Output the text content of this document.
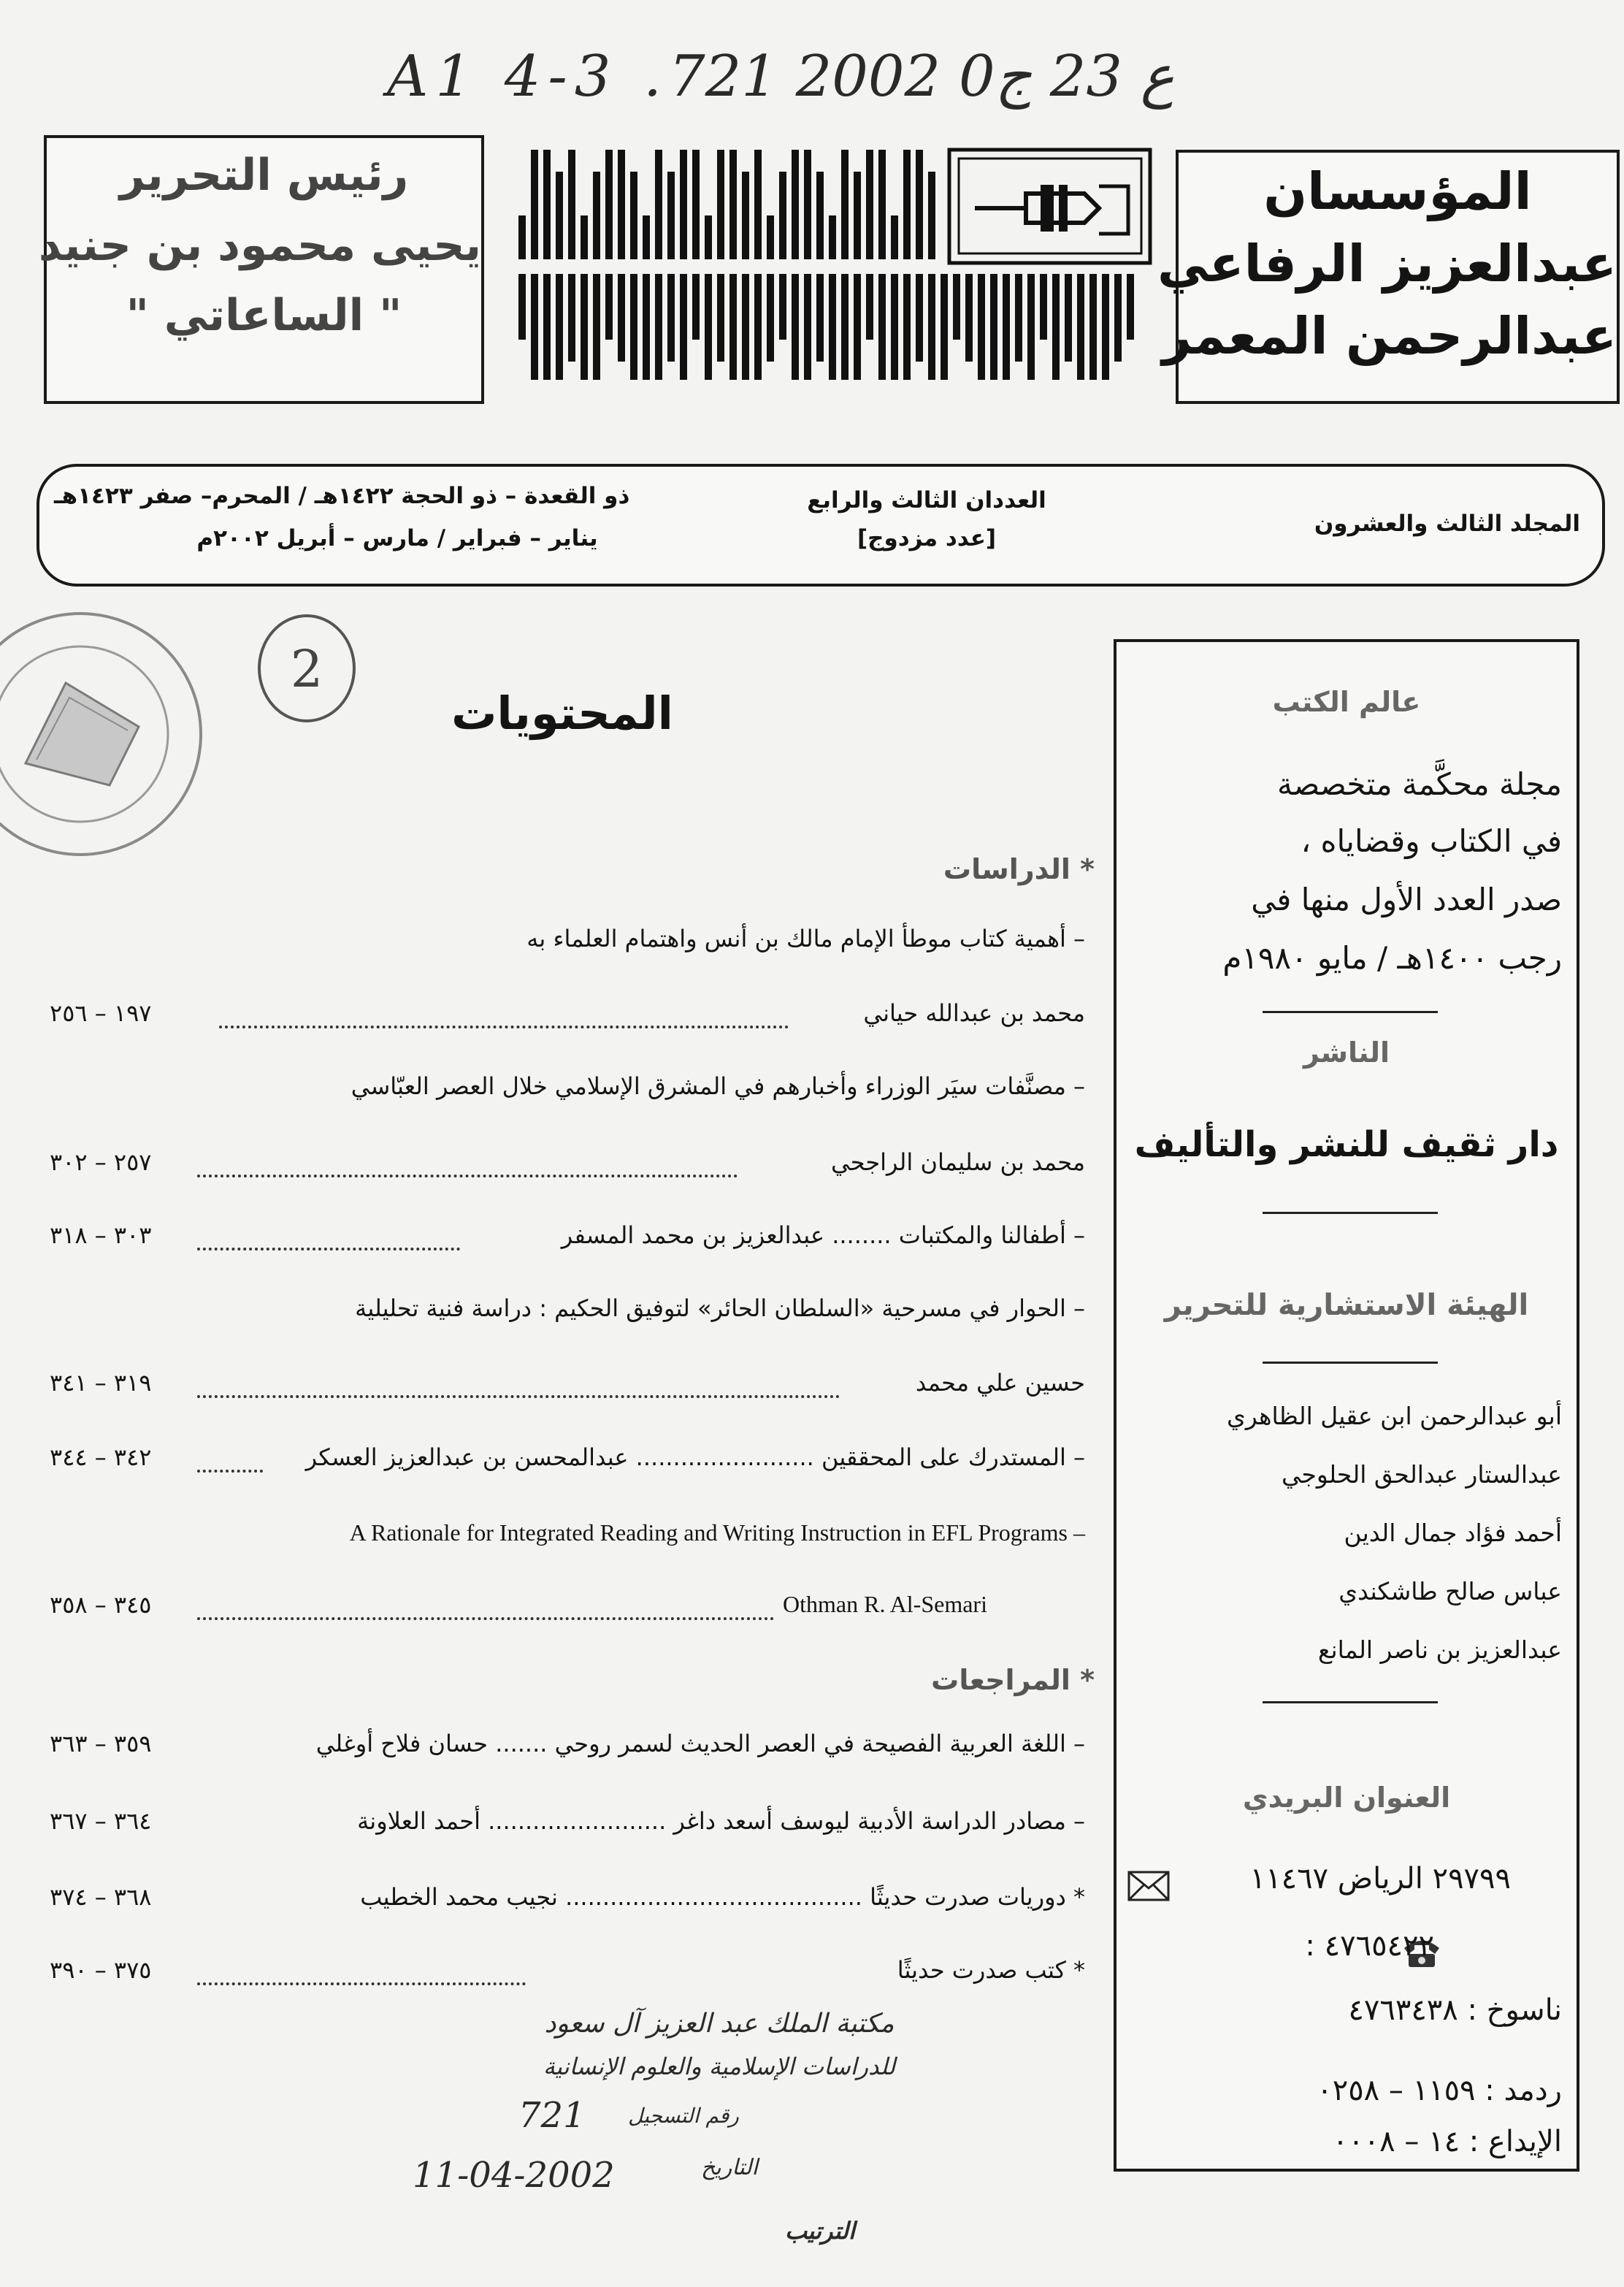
A1 4-3 .ع 23 ج0 2002 721
رئيس التحرير
يحيى محمود بن جنيد
" الساعاتي "
المؤسسان
عبدالعزيز الرفاعي
عبدالرحمن المعمر
المجلد الثالث والعشرون
العددان الثالث والرابع
[عدد مزدوج]
ذو القعدة – ذو الحجة ١٤٢٢هـ / المحرم– صفر ١٤٢٣هـ
يناير – فبراير / مارس – أبريل ٢٠٠٢م
2
المحتويات
* الدراسات
– أهمية كتاب موطأ الإمام مالك بن أنس واهتمام العلماء به
محمد بن عبدالله حياني
١٩٧ – ٢٥٦
– مصنَّفات سيَر الوزراء وأخبارهم في المشرق الإسلامي خلال العصر العبّاسي
محمد بن سليمان الراجحي
٢٥٧ – ٣٠٢
– أطفالنا والمكتبات ........ عبدالعزيز بن محمد المسفر
٣٠٣ – ٣١٨
– الحوار في مسرحية «السلطان الحائر» لتوفيق الحكيم : دراسة فنية تحليلية
حسين علي محمد
٣١٩ – ٣٤١
– المستدرك على المحققين ........................ عبدالمحسن بن عبدالعزيز العسكر
٣٤٢ – ٣٤٤
A Rationale for Integrated Reading and Writing Instruction in EFL Programs –
Othman R. Al-Semari
٣٤٥ – ٣٥٨
* المراجعات
– اللغة العربية الفصيحة في العصر الحديث لسمر روحي ....... حسان فلاح أوغلي
٣٥٩ – ٣٦٣
– مصادر الدراسة الأدبية ليوسف أسعد داغر ........................ أحمد العلاونة
٣٦٤ – ٣٦٧
* دوريات صدرت حديثًا ........................................ نجيب محمد الخطيب
٣٦٨ – ٣٧٤
* كتب صدرت حديثًا
٣٧٥ – ٣٩٠
مكتبة الملك عبد العزيز آل سعود
للدراسات الإسلامية والعلوم الإنسانية
رقم التسجيل
721
التاريخ
11-04-2002
الترتيب
عالم الكتب
مجلة محكَّمة متخصصة
في الكتاب وقضاياه ،
صدر العدد الأول منها في
رجب ١٤٠٠هـ / مايو ١٩٨٠م
الناشر
دار ثقيف للنشر والتأليف
الهيئة الاستشارية للتحرير
أبو عبدالرحمن ابن عقيل الظاهري
عبدالستار عبدالحق الحلوجي
أحمد فؤاد جمال الدين
عباس صالح طاشكندي
عبدالعزيز بن ناصر المانع
العنوان البريدي
٢٩٧٩٩ الرياض ١١٤٦٧
٤٧٦٥٤٢٢ :
ناسوخ : ٤٧٦٣٤٣٨
ردمد : ١١٥٩ – ٠٢٥٨
الإيداع : ١٤ – ٠٠٠٨
